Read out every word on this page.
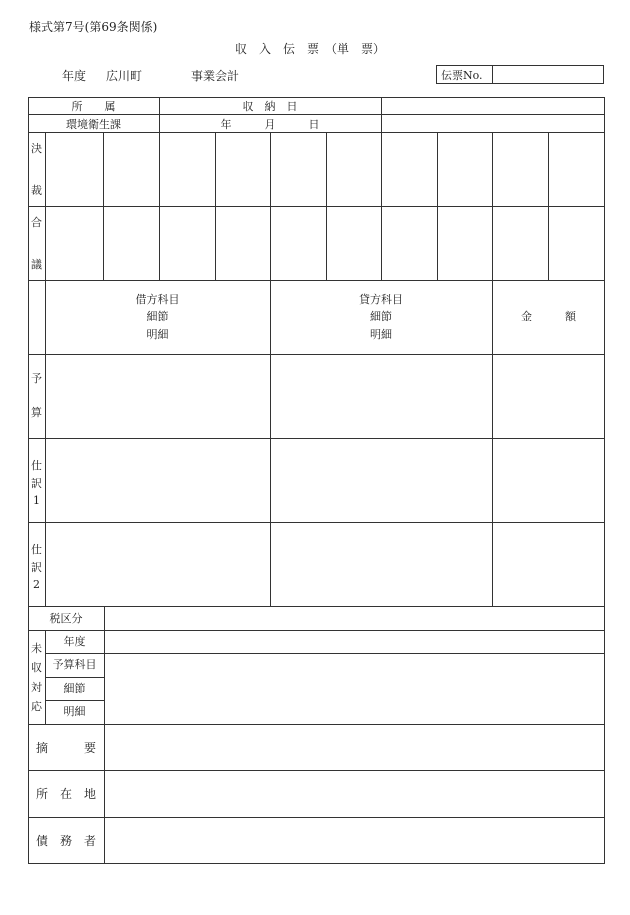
様式第7号(第69条関係)
収　入　伝　票　（単　票）
年度 広川町	事業会計	伝票No.
所　　属
環境衛生課
収　納　日
年　　　月　　　日
決
裁
合
議
借方科目
細節
明細
貸方科目
細節
明細
金　　　額
予
算
仕
訳
1
仕
訳
2
税区分
未
収
対
応
年度
予算科目
細節
明細
摘　　　要
所　在　地
債　務　者
